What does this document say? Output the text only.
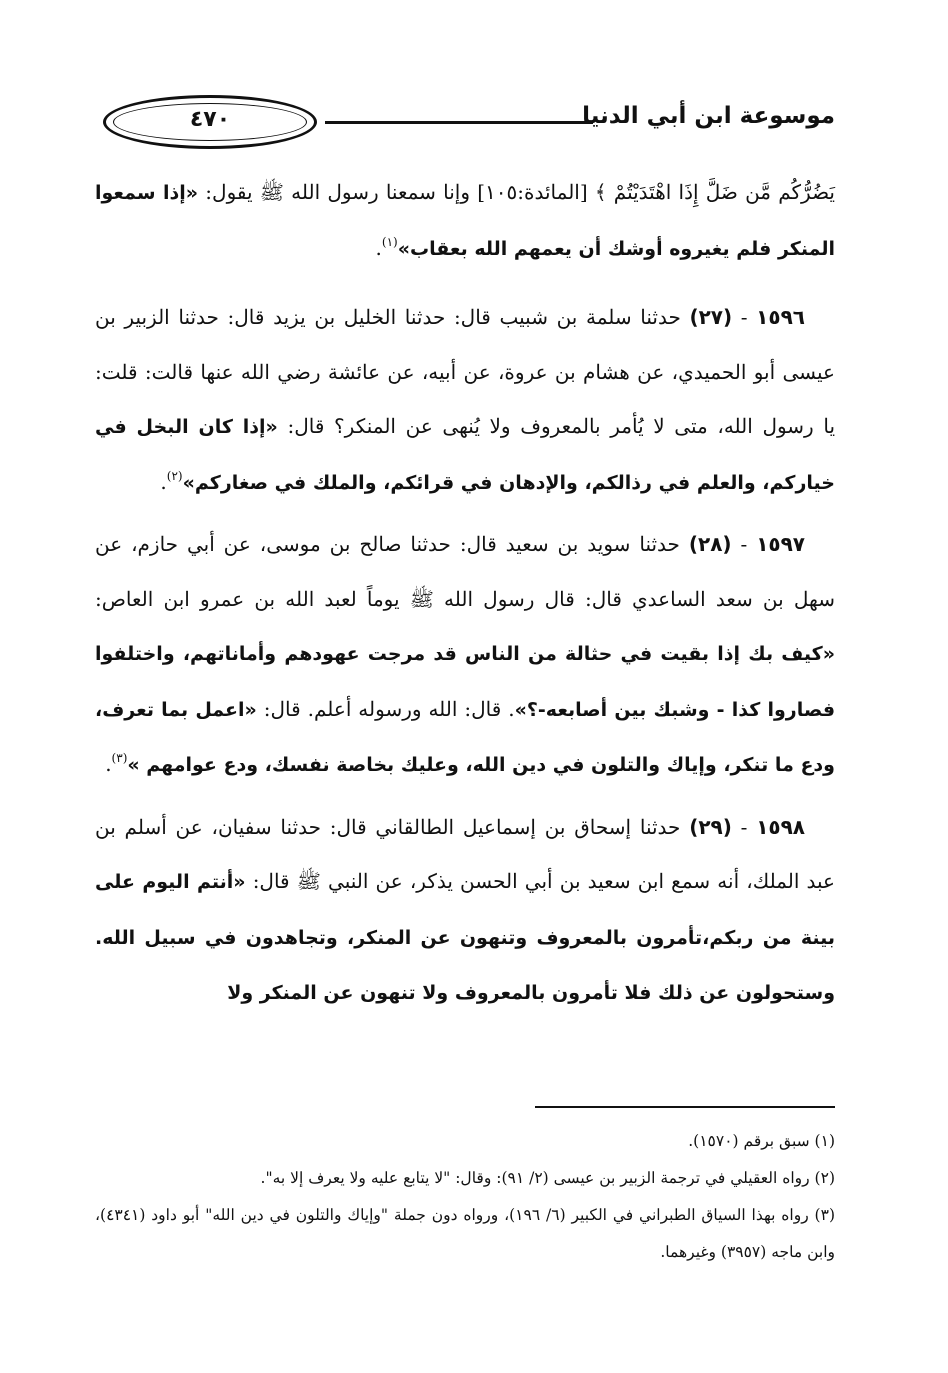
موسوعة ابن أبي الدنيا
٤٧٠

يَضُرُّكُم مَّن ضَلَّ إِذَا اهْتَدَيْتُمْ ﴾ [المائدة:١٠٥] وإنا سمعنا رسول الله ﷺ يقول: «إذا سمعوا المنكر فلم يغيروه أوشك أن يعمهم الله بعقاب»$^{(١)}$.

١٥٩٦ - (٢٧) حدثنا سلمة بن شبيب قال: حدثنا الخليل بن يزيد قال: حدثنا الزبير بن عيسى أبو الحميدي، عن هشام بن عروة، عن أبيه، عن عائشة رضي الله عنها قالت: قلت: يا رسول الله، متى لا يُأمر بالمعروف ولا يُنهى عن المنكر؟ قال: «إذا كان البخل في خياركم، والعلم في رذالكم، والإدهان في قرائكم، والملك في صغاركم»$^{(٢)}$.

١٥٩٧ - (٢٨) حدثنا سويد بن سعيد قال: حدثنا صالح بن موسى، عن أبي حازم، عن سهل بن سعد الساعدي قال: قال رسول الله ﷺ يوماً لعبد الله بن عمرو ابن العاص: «كيف بك إذا بقيت في حثالة من الناس قد مرجت عهودهم وأماناتهم، واختلفوا فصاروا كذا - وشبك بين أصابعه-؟». قال: الله ورسوله أعلم. قال: «اعمل بما تعرف، ودع ما تنكر، وإياك والتلون في دين الله، وعليك بخاصة نفسك، ودع عوامهم »$^{(٣)}$.

١٥٩٨ - (٢٩) حدثنا إسحاق بن إسماعيل الطالقاني قال: حدثنا سفيان، عن أسلم بن عبد الملك، أنه سمع ابن سعيد بن أبي الحسن يذكر، عن النبي ﷺ قال: «أنتم اليوم على بينة من ربكم،تأمرون بالمعروف وتنهون عن المنكر، وتجاهدون في سبيل الله. وستحولون عن ذلك فلا تأمرون بالمعروف ولا تنهون عن المنكر ولا

(١) سبق برقم (١٥٧٠).

(٢) رواه العقيلي في ترجمة الزبير بن عيسى (٢/ ٩١): وقال: "لا يتابع عليه ولا يعرف إلا به".

(٣) رواه بهذا السياق الطبراني في الكبير (٦/ ١٩٦)، ورواه دون جملة "وإياك والتلون في دين الله" أبو داود (٤٣٤١)، وابن ماجه (٣٩٥٧) وغيرهما.
